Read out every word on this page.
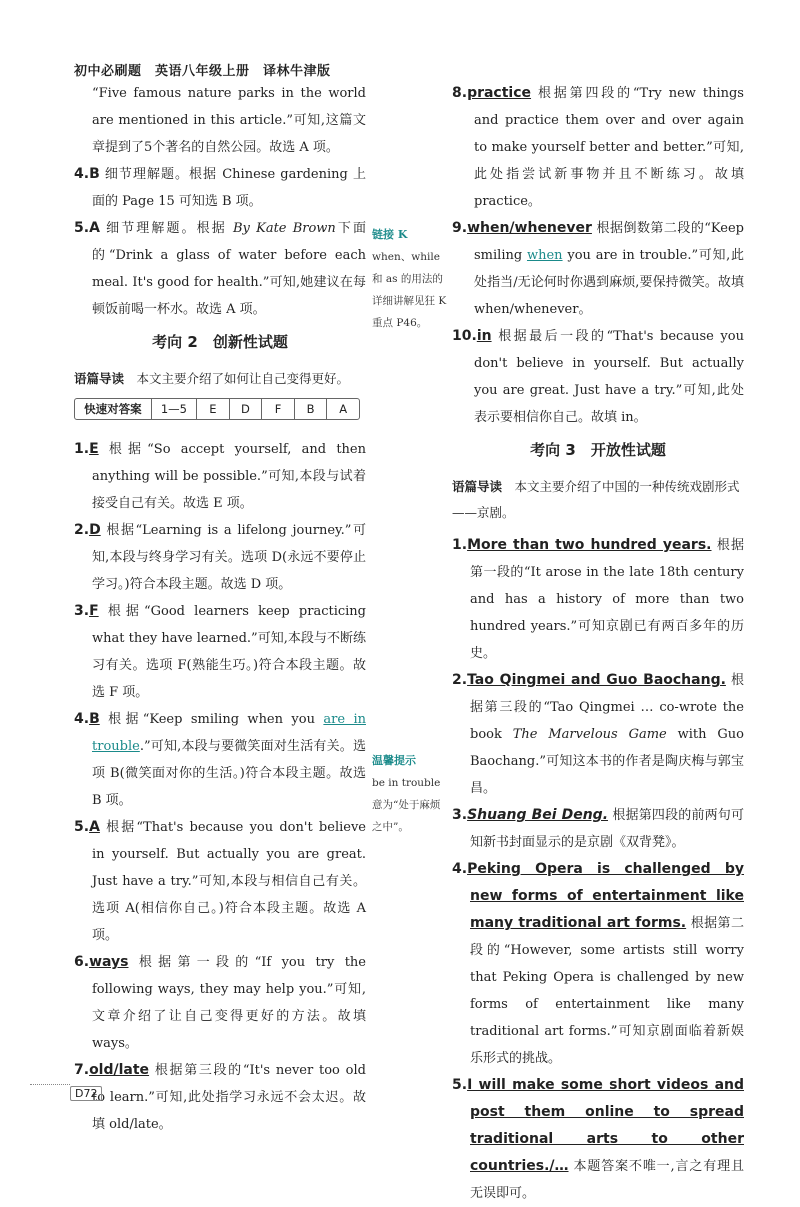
初中必刷题　英语八年级上册　译林牛津版

“Five famous nature parks in the world are mentioned in this article.”可知,这篇文章提到了5个著名的自然公园。故选 A 项。

4.B 细节理解题。根据 Chinese gardening 上面的 Page 15 可知选 B 项。

5.A 细节理解题。根据 By Kate Brown下面的“Drink a glass of water before each meal. It's good for health.”可知,她建议在每顿饭前喝一杯水。故选 A 项。

考向 2　创新性试题

语篇导读　 本文主要介绍了如何让自己变得更好。

快速对答案	1—5	E	D	F	B	A

1.E 根据“So accept yourself, and then anything will be possible.”可知,本段与试着接受自己有关。故选 E 项。

2.D 根据“Learning is a lifelong journey.”可知,本段与终身学习有关。选项 D(永远不要停止学习。)符合本段主题。故选 D 项。

3.F 根据“Good learners keep practicing what they have learned.”可知,本段与不断练习有关。选项 F(熟能生巧。)符合本段主题。故选 F 项。

4.B 根据“Keep smiling when you are in trouble.”可知,本段与要微笑面对生活有关。选项 B(微笑面对你的生活。)符合本段主题。故选 B 项。

5.A 根据“That's because you don't believe in yourself. But actually you are great. Just have a try.”可知,本段与相信自己有关。选项 A(相信你自己。)符合本段主题。故选 A 项。

6.ways 根据第一段的“If you try the following ways, they may help you.”可知,文章介绍了让自己变得更好的方法。故填 ways。

7.old/late 根据第三段的“It's never too old to learn.”可知,此处指学习永远不会太迟。故填 old/late。

链接 K
when、while 和 as 的用法的详细讲解见狂 K 重点 P46。
温馨提示
be in trouble 意为“处于麻烦之中”。

8.practice 根据第四段的“Try new things and practice them over and over again to make yourself better and better.”可知,此处指尝试新事物并且不断练习。故填 practice。

9.when/whenever 根据倒数第二段的“Keep smiling when you are in trouble.”可知,此处指当/无论何时你遇到麻烦,要保持微笑。故填 when/whenever。

10.in 根据最后一段的“That's because you don't believe in yourself. But actually you are great. Just have a try.”可知,此处表示要相信你自己。故填 in。

考向 3　开放性试题

语篇导读　 本文主要介绍了中国的一种传统戏剧形式——京剧。

1.More than two hundred years. 根据第一段的“It arose in the late 18th century and has a history of more than two hundred years.”可知京剧已有两百多年的历史。

2.Tao Qingmei and Guo Baochang. 根据第三段的“Tao Qingmei … co-wrote the book The Marvelous Game with Guo Baochang.”可知这本书的作者是陶庆梅与郭宝昌。

3.Shuang Bei Deng. 根据第四段的前两句可知新书封面显示的是京剧《双背凳》。

4.Peking Opera is challenged by new forms of entertainment like many traditional art forms. 根据第二段的“However, some artists still worry that Peking Opera is challenged by new forms of entertainment like many traditional art forms.”可知京剧面临着新娱乐形式的挑战。

5.I will make some short videos and post them online to spread traditional arts to other countries./… 本题答案不唯一,言之有理且无误即可。

D72
